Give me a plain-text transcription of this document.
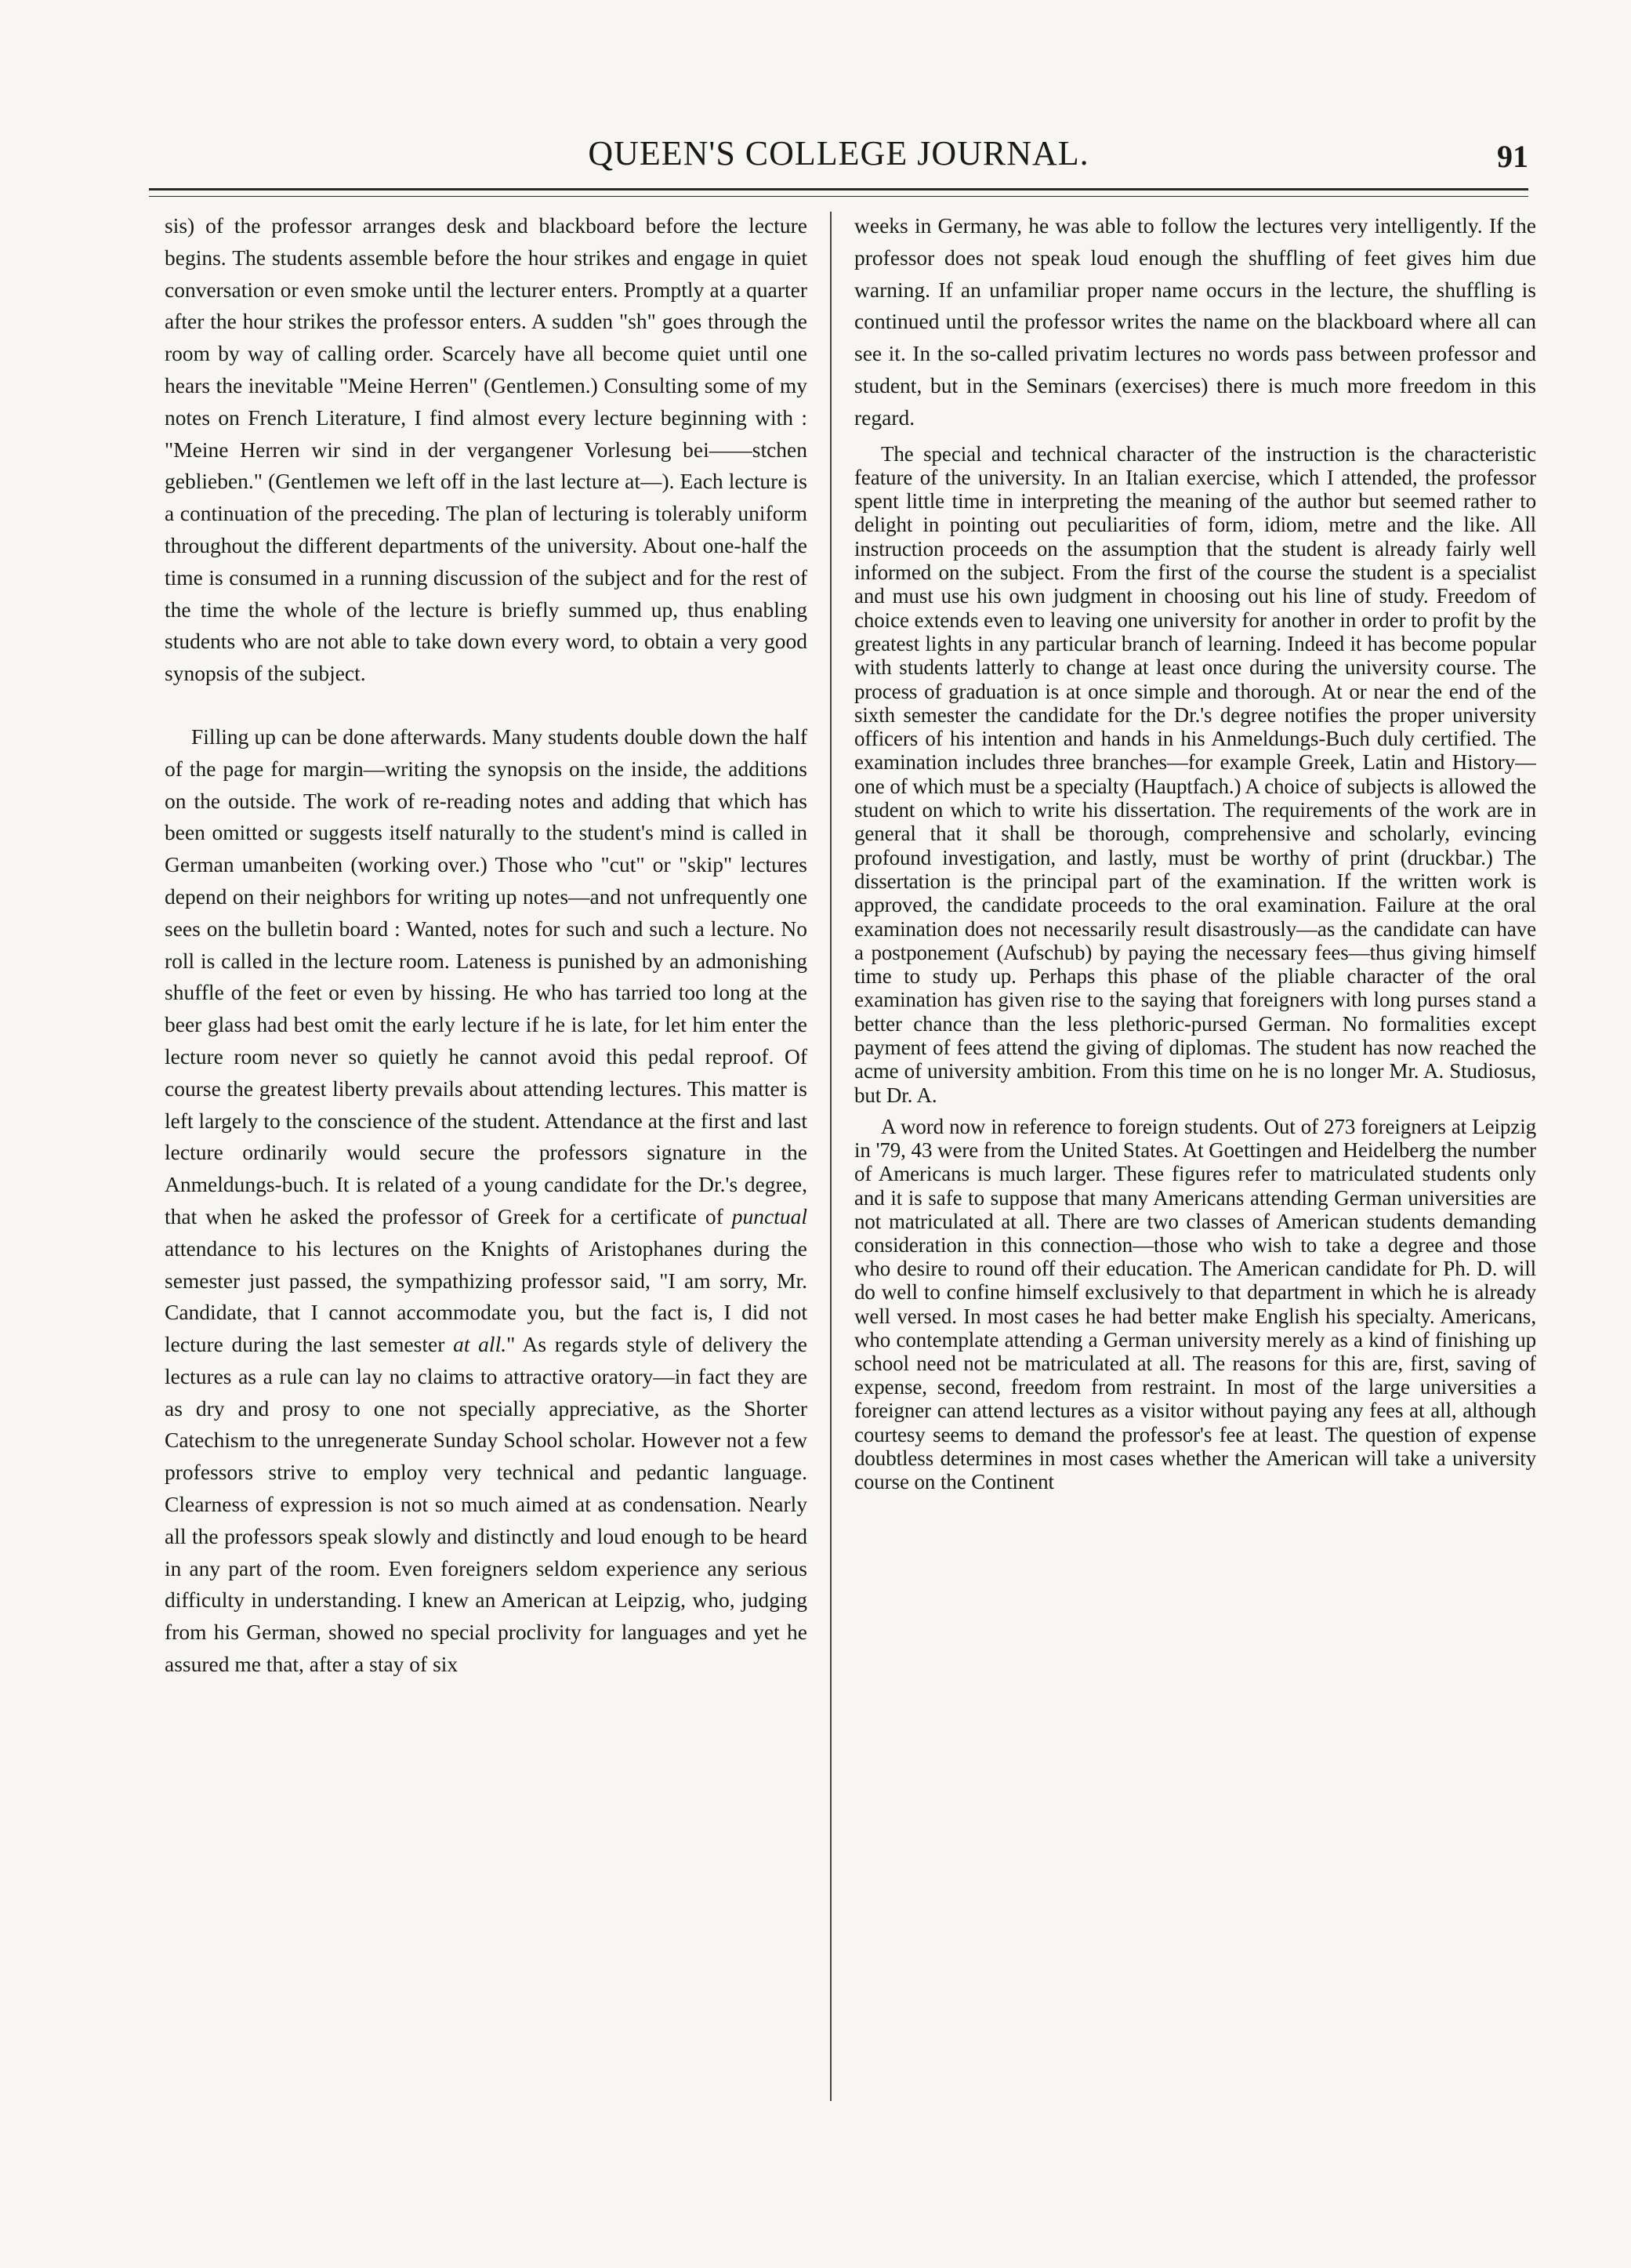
QUEEN'S COLLEGE JOURNAL.	91

sis) of the professor arranges desk and blackboard before the lecture begins. The students assemble before the hour strikes and engage in quiet conversation or even smoke until the lecturer enters. Promptly at a quarter after the hour strikes the professor enters. A sudden "sh" goes through the room by way of calling order. Scarcely have all become quiet until one hears the inevitable "Meine Herren" (Gentlemen.) Consulting some of my notes on French Literature, I find almost every lecture beginning with : "Meine Herren wir sind in der vergangener Vorlesung bei——stchen geblieben." (Gentlemen we left off in the last lecture at—). Each lecture is a continuation of the preceding. The plan of lecturing is tolerably uniform throughout the different departments of the university. About one-half the time is consumed in a running discussion of the subject and for the rest of the time the whole of the lecture is briefly summed up, thus enabling students who are not able to take down every word, to obtain a very good synopsis of the subject.

Filling up can be done afterwards. Many students double down the half of the page for margin—writing the synopsis on the inside, the additions on the outside. The work of re-reading notes and adding that which has been omitted or suggests itself naturally to the student's mind is called in German umanbeiten (working over.) Those who "cut" or "skip" lectures depend on their neighbors for writing up notes—and not unfrequently one sees on the bulletin board : Wanted, notes for such and such a lecture. No roll is called in the lecture room. Lateness is punished by an admonishing shuffle of the feet or even by hissing. He who has tarried too long at the beer glass had best omit the early lecture if he is late, for let him enter the lecture room never so quietly he cannot avoid this pedal reproof. Of course the greatest liberty prevails about attending lectures. This matter is left largely to the conscience of the student. Attendance at the first and last lecture ordinarily would secure the professors signature in the Anmeldungs-buch. It is related of a young candidate for the Dr.'s degree, that when he asked the professor of Greek for a certificate of punctual attendance to his lectures on the Knights of Aristophanes during the semester just passed, the sympathizing professor said, "I am sorry, Mr. Candidate, that I cannot accommodate you, but the fact is, I did not lecture during the last semester at all." As regards style of delivery the lectures as a rule can lay no claims to attractive oratory—in fact they are as dry and prosy to one not specially appreciative, as the Shorter Catechism to the unregenerate Sunday School scholar. However not a few professors strive to employ very technical and pedantic language. Clearness of expression is not so much aimed at as condensation. Nearly all the professors speak slowly and distinctly and loud enough to be heard in any part of the room. Even foreigners seldom experience any serious difficulty in understanding. I knew an American at Leipzig, who, judging from his German, showed no special proclivity for languages and yet he assured me that, after a stay of six

weeks in Germany, he was able to follow the lectures very intelligently. If the professor does not speak loud enough the shuffling of feet gives him due warning. If an unfamiliar proper name occurs in the lecture, the shuffling is continued until the professor writes the name on the blackboard where all can see it. In the so-called privatim lectures no words pass between professor and student, but in the Seminars (exercises) there is much more freedom in this regard.

The special and technical character of the instruction is the characteristic feature of the university. In an Italian exercise, which I attended, the professor spent little time in interpreting the meaning of the author but seemed rather to delight in pointing out peculiarities of form, idiom, metre and the like. All instruction proceeds on the assumption that the student is already fairly well informed on the subject. From the first of the course the student is a specialist and must use his own judgment in choosing out his line of study. Freedom of choice extends even to leaving one university for another in order to profit by the greatest lights in any particular branch of learning. Indeed it has become popular with students latterly to change at least once during the university course. The process of graduation is at once simple and thorough. At or near the end of the sixth semester the candidate for the Dr.'s degree notifies the proper university officers of his intention and hands in his Anmeldungs-Buch duly certified. The examination includes three branches—for example Greek, Latin and History—one of which must be a specialty (Hauptfach.) A choice of subjects is allowed the student on which to write his dissertation. The requirements of the work are in general that it shall be thorough, comprehensive and scholarly, evincing profound investigation, and lastly, must be worthy of print (druckbar.) The dissertation is the principal part of the examination. If the written work is approved, the candidate proceeds to the oral examination. Failure at the oral examination does not necessarily result disastrously—as the candidate can have a postponement (Aufschub) by paying the necessary fees—thus giving himself time to study up. Perhaps this phase of the pliable character of the oral examination has given rise to the saying that foreigners with long purses stand a better chance than the less plethoric-pursed German. No formalities except payment of fees attend the giving of diplomas. The student has now reached the acme of university ambition. From this time on he is no longer Mr. A. Studiosus, but Dr. A.

A word now in reference to foreign students. Out of 273 foreigners at Leipzig in '79, 43 were from the United States. At Goettingen and Heidelberg the number of Americans is much larger. These figures refer to matriculated students only and it is safe to suppose that many Americans attending German universities are not matriculated at all. There are two classes of American students demanding consideration in this connection—those who wish to take a degree and those who desire to round off their education. The American candidate for Ph. D. will do well to confine himself exclusively to that department in which he is already well versed. In most cases he had better make English his specialty. Americans, who contemplate attending a German university merely as a kind of finishing up school need not be matriculated at all. The reasons for this are, first, saving of expense, second, freedom from restraint. In most of the large universities a foreigner can attend lectures as a visitor without paying any fees at all, although courtesy seems to demand the professor's fee at least. The question of expense doubtless determines in most cases whether the American will take a university course on the Continent
